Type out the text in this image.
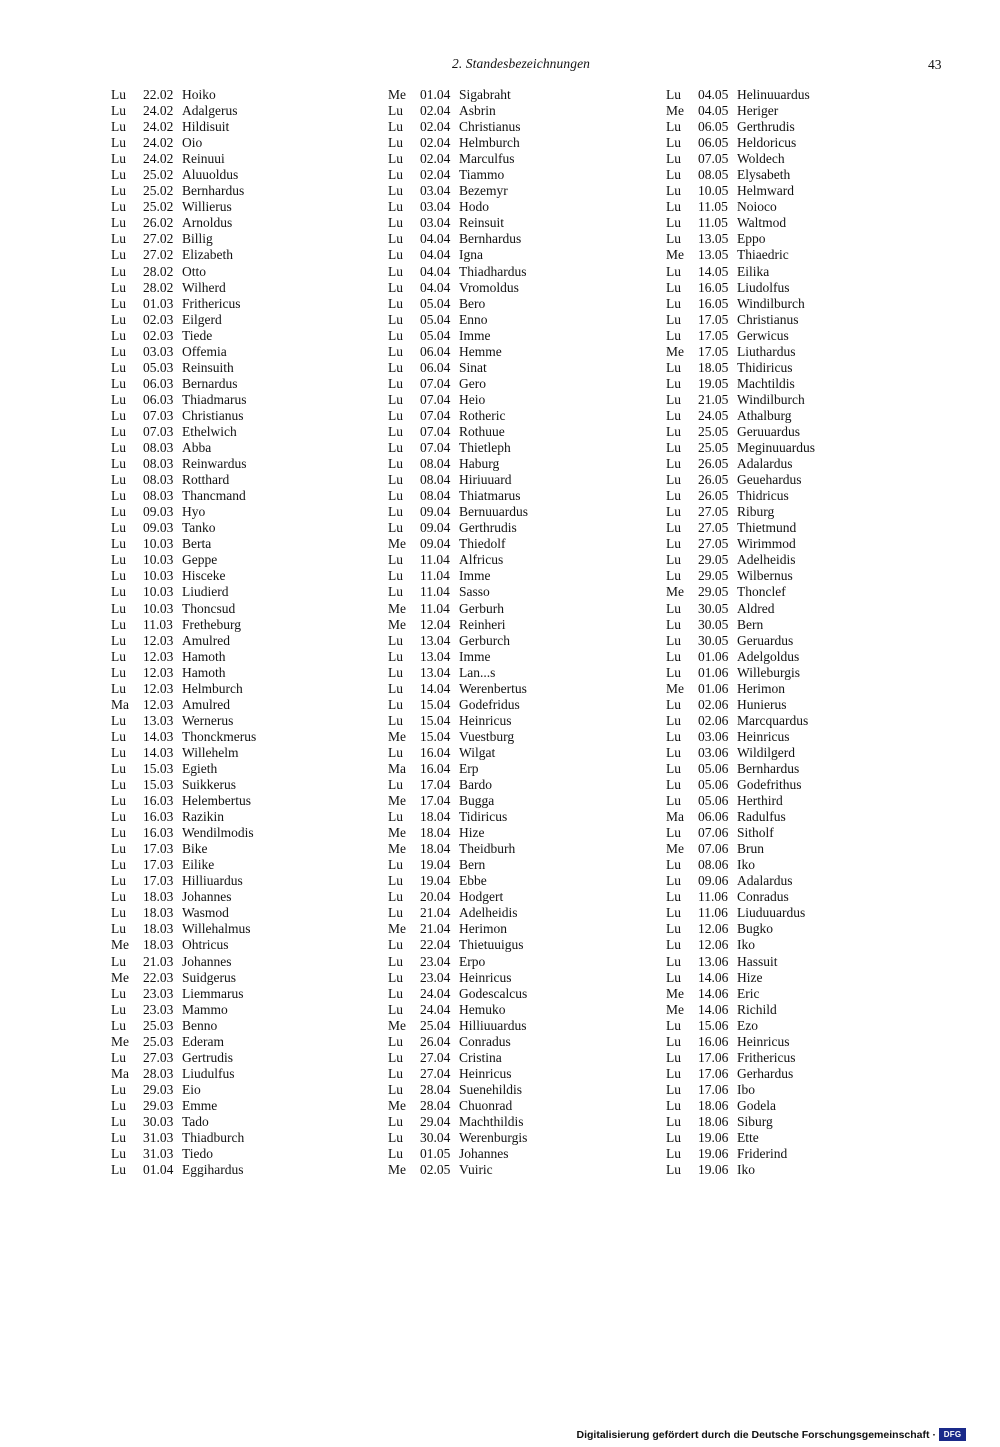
2. Standesbezeichnungen	43
Lu	22.02 Hoiko
Lu	24.02 Adalgerus
Lu	24.02 Hildisuit
Lu	24.02 Oio
Lu	24.02 Reinuui
Lu	25.02 Aluuoldus
Lu	25.02 Bernhardus
Lu	25.02 Willierus
Lu	26.02 Arnoldus
Lu	27.02 Billig
Lu	27.02 Elizabeth
Lu	28.02 Otto
Lu	28.02 Wilherd
Lu	01.03 Frithericus
Lu	02.03 Eilgerd
Lu	02.03 Tiede
Lu	03.03 Offemia
Lu	05.03 Reinsuith
Lu	06.03 Bernardus
Lu	06.03 Thiadmarus
Lu	07.03 Christianus
Lu	07.03 Ethelwich
Lu	08.03 Abba
Lu	08.03 Reinwardus
Lu	08.03 Rotthard
Lu	08.03 Thancmand
Lu	09.03 Hyo
Lu	09.03 Tanko
Lu	10.03 Berta
Lu	10.03 Geppe
Lu	10.03 Hisceke
Lu	10.03 Liudierd
Lu	10.03 Thoncsud
Lu	11.03 Fretheburg
Lu	12.03 Amulred
Lu	12.03 Hamoth
Lu	12.03 Hamoth
Lu	12.03 Helmburch
Ma	12.03 Amulred
Lu	13.03 Wernerus
Lu	14.03 Thonckmerus
Lu	14.03 Willehelm
Lu	15.03 Egieth
Lu	15.03 Suikkerus
Lu	16.03 Helembertus
Lu	16.03 Razikin
Lu	16.03 Wendilmodis
Lu	17.03 Bike
Lu	17.03 Eilike
Lu	17.03 Hilliuardus
Lu	18.03 Johannes
Lu	18.03 Wasmod
Lu	18.03 Willehalmus
Me	18.03 Ohtricus
Lu	21.03 Johannes
Me	22.03 Suidgerus
Lu	23.03 Liemmarus
Lu	23.03 Mammo
Lu	25.03 Benno
Me	25.03 Ederam
Lu	27.03 Gertrudis
Ma	28.03 Liudulfus
Lu	29.03 Eio
Lu	29.03 Emme
Lu	30.03 Tado
Lu	31.03 Thiadburch
Lu	31.03 Tiedo
Lu	01.04 Eggihardus
Me	01.04 Sigabraht
Lu	02.04 Asbrin
Lu	02.04 Christianus
Lu	02.04 Helmburch
Lu	02.04 Marculfus
Lu	02.04 Tiammo
Lu	03.04 Bezemyr
Lu	03.04 Hodo
Lu	03.04 Reinsuit
Lu	04.04 Bernhardus
Lu	04.04 Igna
Lu	04.04 Thiadhardus
Lu	04.04 Vromoldus
Lu	05.04 Bero
Lu	05.04 Enno
Lu	05.04 Imme
Lu	06.04 Hemme
Lu	06.04 Sinat
Lu	07.04 Gero
Lu	07.04 Heio
Lu	07.04 Rotheric
Lu	07.04 Rothuue
Lu	07.04 Thietleph
Lu	08.04 Haburg
Lu	08.04 Hiriuuard
Lu	08.04 Thiatmarus
Lu	09.04 Bernuuardus
Lu	09.04 Gerthrudis
Me	09.04 Thiedolf
Lu	11.04 Alfricus
Lu	11.04 Imme
Lu	11.04 Sasso
Me	11.04 Gerburh
Me	12.04 Reinheri
Lu	13.04 Gerburch
Lu	13.04 Imme
Lu	13.04 Lan...s
Lu	14.04 Werenbertus
Lu	15.04 Godefridus
Lu	15.04 Heinricus
Me	15.04 Vuestburg
Lu	16.04 Wilgat
Ma	16.04 Erp
Lu	17.04 Bardo
Me	17.04 Bugga
Lu	18.04 Tidiricus
Me	18.04 Hize
Me	18.04 Theidburh
Lu	19.04 Bern
Lu	19.04 Ebbe
Lu	20.04 Hodgert
Lu	21.04 Adelheidis
Me	21.04 Herimon
Lu	22.04 Thietuuigus
Lu	23.04 Erpo
Lu	23.04 Heinricus
Lu	24.04 Godescalcus
Lu	24.04 Hemuko
Me	25.04 Hilliuuardus
Lu	26.04 Conradus
Lu	27.04 Cristina
Lu	27.04 Heinricus
Lu	28.04 Suenehildis
Me	28.04 Chuonrad
Lu	29.04 Machthildis
Lu	30.04 Werenburgis
Lu	01.05 Johannes
Me	02.05 Vuiric
Lu	04.05 Helinuuardus
Me	04.05 Heriger
Lu	06.05 Gerthrudis
Lu	06.05 Heldoricus
Lu	07.05 Woldech
Lu	08.05 Elysabeth
Lu	10.05 Helmward
Lu	11.05 Noioco
Lu	11.05 Waltmod
Lu	13.05 Eppo
Me	13.05 Thiaedric
Lu	14.05 Eilika
Lu	16.05 Liudolfus
Lu	16.05 Windilburch
Lu	17.05 Christianus
Lu	17.05 Gerwicus
Me	17.05 Liuthardus
Lu	18.05 Thidiricus
Lu	19.05 Machtildis
Lu	21.05 Windilburch
Lu	24.05 Athalburg
Lu	25.05 Geruuardus
Lu	25.05 Meginuuardus
Lu	26.05 Adalardus
Lu	26.05 Geuehardus
Lu	26.05 Thidricus
Lu	27.05 Riburg
Lu	27.05 Thietmund
Lu	27.05 Wirimmod
Lu	29.05 Adelheidis
Lu	29.05 Wilbernus
Me	29.05 Thonclef
Lu	30.05 Aldred
Lu	30.05 Bern
Lu	30.05 Geruardus
Lu	01.06 Adelgoldus
Lu	01.06 Willeburgis
Me	01.06 Herimon
Lu	02.06 Hunierus
Lu	02.06 Marcquardus
Lu	03.06 Heinricus
Lu	03.06 Wildilgerd
Lu	05.06 Bernhardus
Lu	05.06 Godefrithus
Lu	05.06 Herthird
Ma	06.06 Radulfus
Lu	07.06 Sitholf
Me	07.06 Brun
Lu	08.06 Iko
Lu	09.06 Adalardus
Lu	11.06 Conradus
Lu	11.06 Liuduuardus
Lu	12.06 Bugko
Lu	12.06 Iko
Lu	13.06 Hassuit
Lu	14.06 Hize
Me	14.06 Eric
Me	14.06 Richild
Lu	15.06 Ezo
Lu	16.06 Heinricus
Lu	17.06 Frithericus
Lu	17.06 Gerhardus
Lu	17.06 Ibo
Lu	18.06 Godela
Lu	18.06 Siburg
Lu	19.06 Ette
Lu	19.06 Friderind
Lu	19.06 Iko
Digitalisierung gefördert durch die Deutsche Forschungsgemeinschaft · DFG
